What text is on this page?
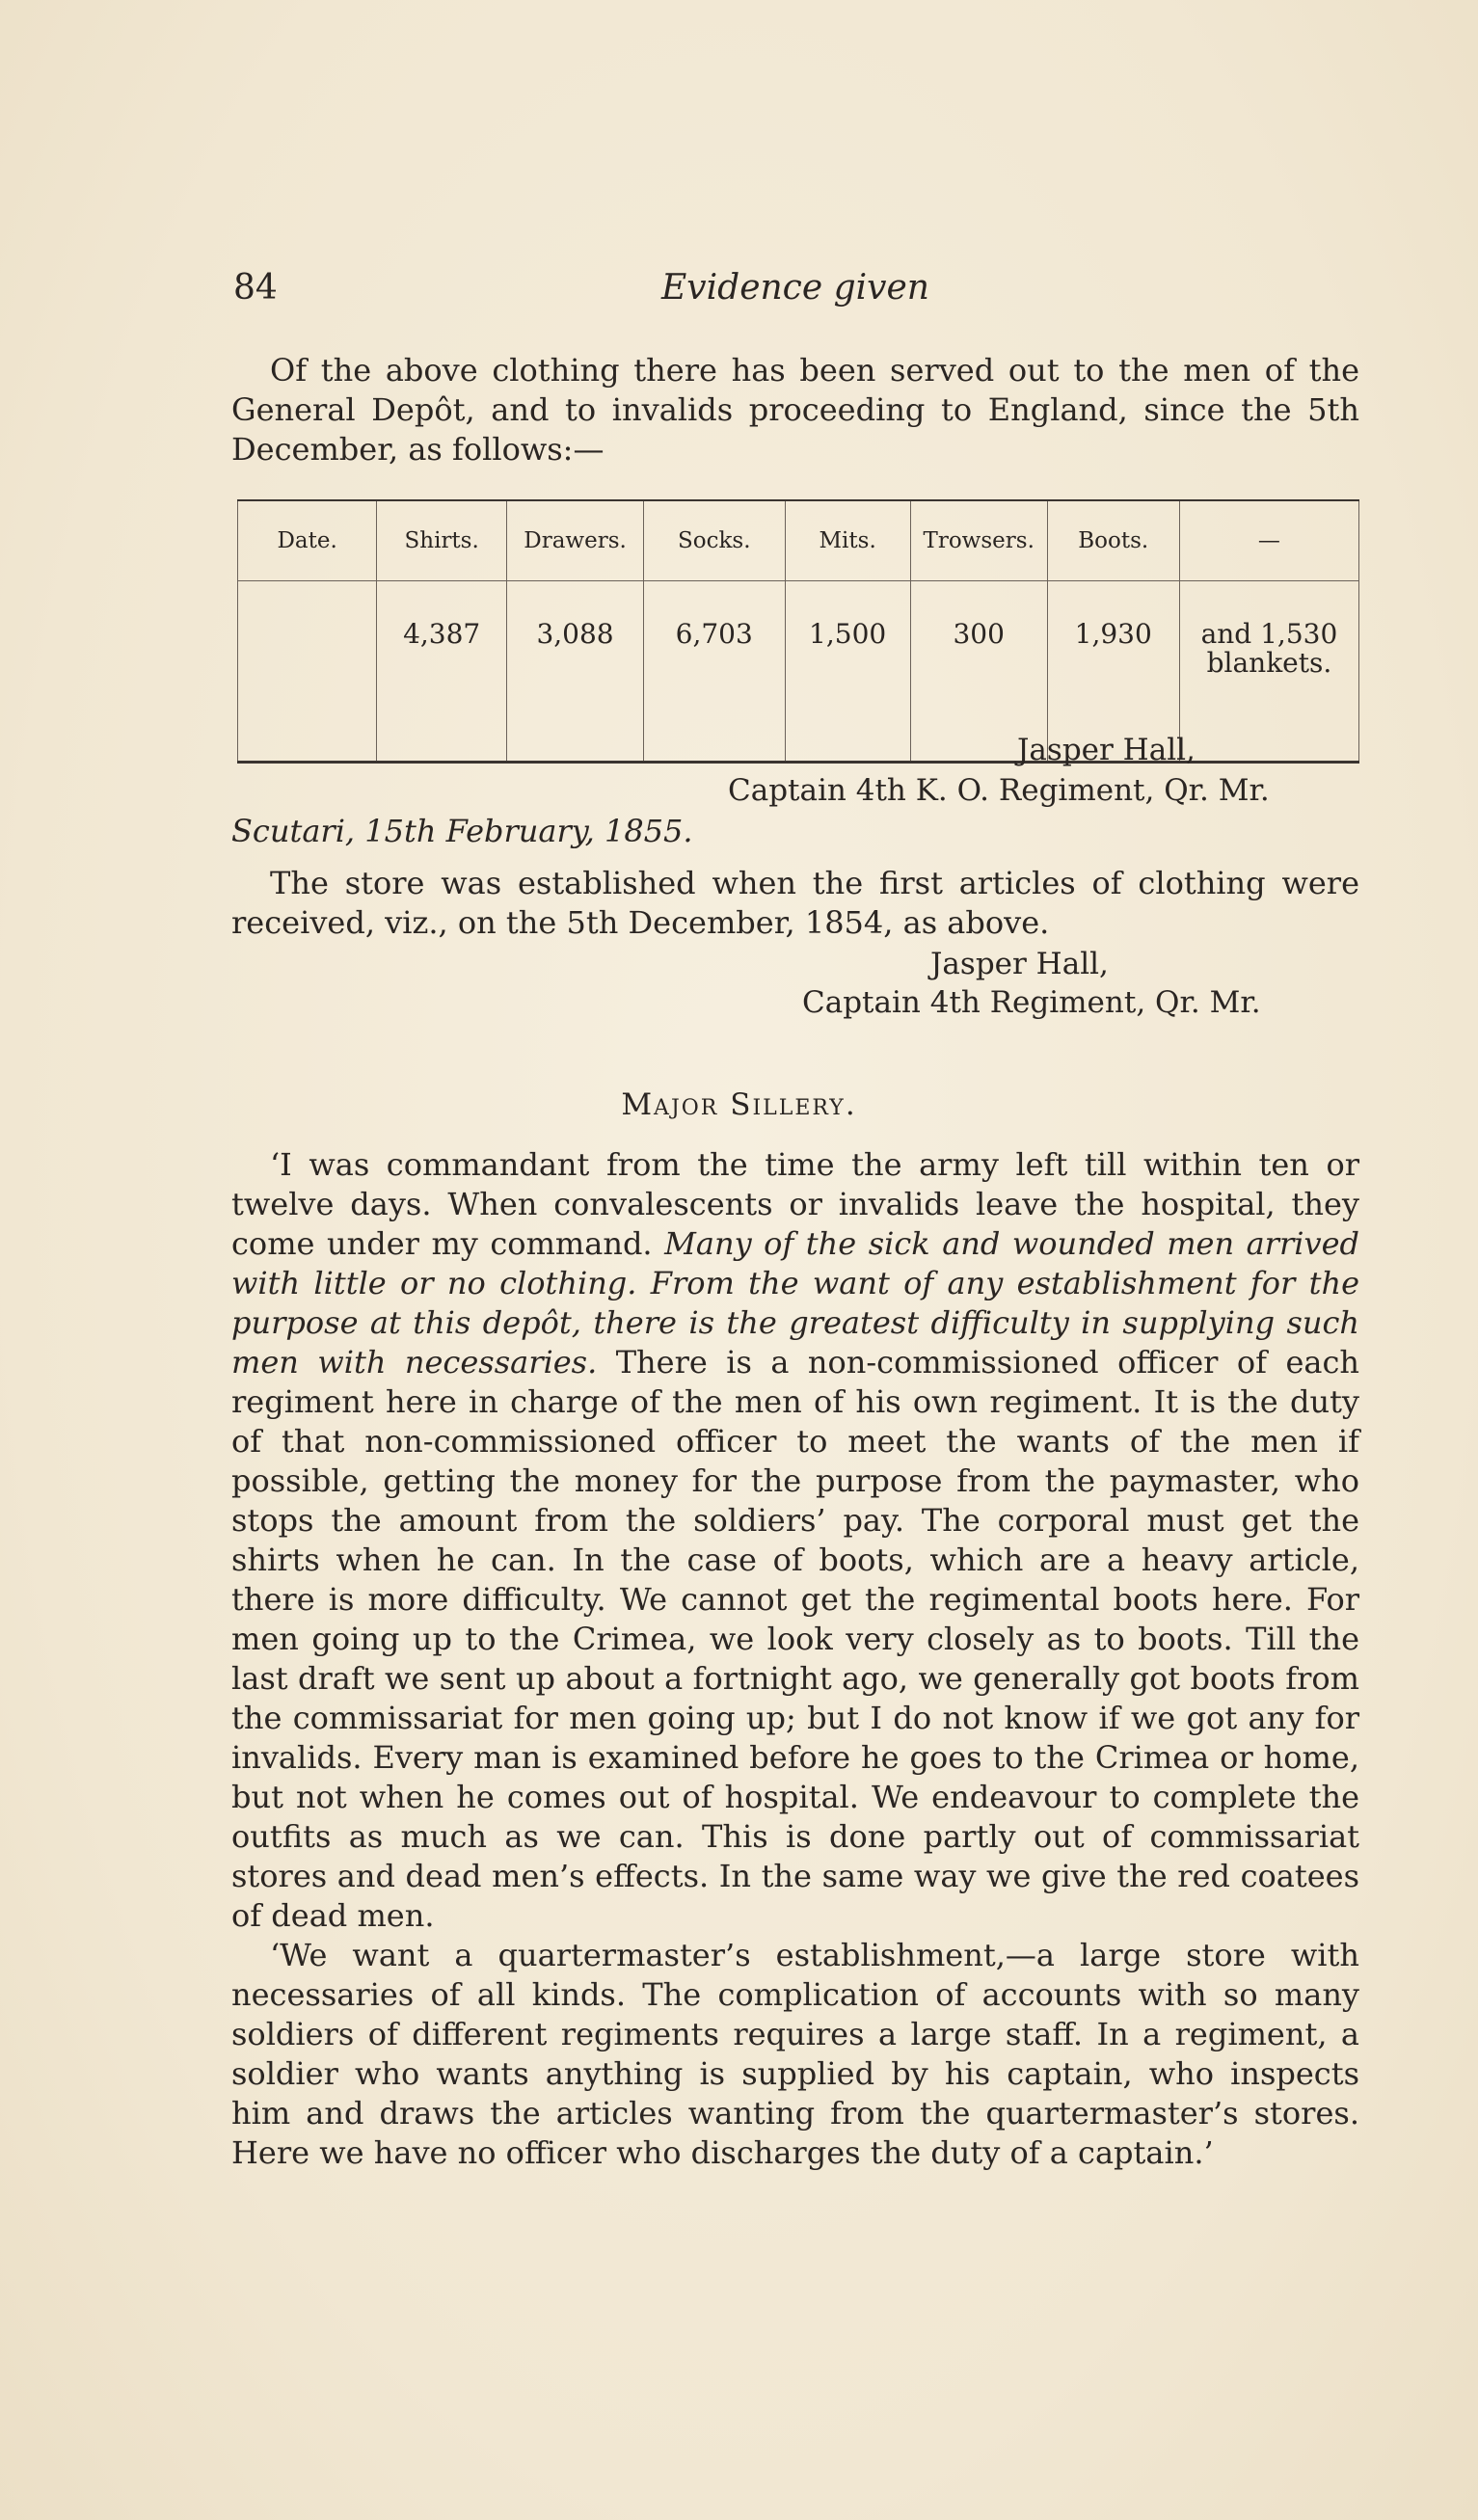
84	Evidence given
Of the above clothing there has been served out to the men of the General Depôt, and to invalids proceeding to England, since the 5th December, as follows:—
Date.	Shirts.	Drawers.	Socks.	Mits.	Trowsers.	Boots.	—
	4,387	3,088	6,703	1,500	300	1,930	and 1,530 blankets.
Jasper Hall,
Captain 4th K. O. Regiment, Qr. Mr.
Scutari, 15th February, 1855.
The store was established when the first articles of clothing were received, viz., on the 5th December, 1854, as above.
Jasper Hall,
Captain 4th Regiment, Qr. Mr.
Major Sillery.

‘I was commandant from the time the army left till within ten or twelve days. When convalescents or invalids leave the hospital, they come under my command. Many of the sick and wounded men arrived with little or no clothing. From the want of any establishment for the purpose at this depôt, there is the greatest difficulty in supplying such men with necessaries. There is a non-commissioned officer of each regiment here in charge of the men of his own regiment. It is the duty of that non-commissioned officer to meet the wants of the men if possible, getting the money for the purpose from the paymaster, who stops the amount from the soldiers’ pay. The corporal must get the shirts when he can. In the case of boots, which are a heavy article, there is more difficulty. We cannot get the regimental boots here. For men going up to the Crimea, we look very closely as to boots. Till the last draft we sent up about a fortnight ago, we generally got boots from the commissariat for men going up; but I do not know if we got any for invalids. Every man is examined before he goes to the Crimea or home, but not when he comes out of hospital. We endeavour to complete the outfits as much as we can. This is done partly out of commissariat stores and dead men’s effects. In the same way we give the red coatees of dead men.

‘We want a quartermaster’s establishment,—a large store with necessaries of all kinds. The complication of accounts with so many soldiers of different regiments requires a large staff. In a regiment, a soldier who wants anything is supplied by his captain, who inspects him and draws the articles wanting from the quartermaster’s stores. Here we have no officer who discharges the duty of a captain.’
